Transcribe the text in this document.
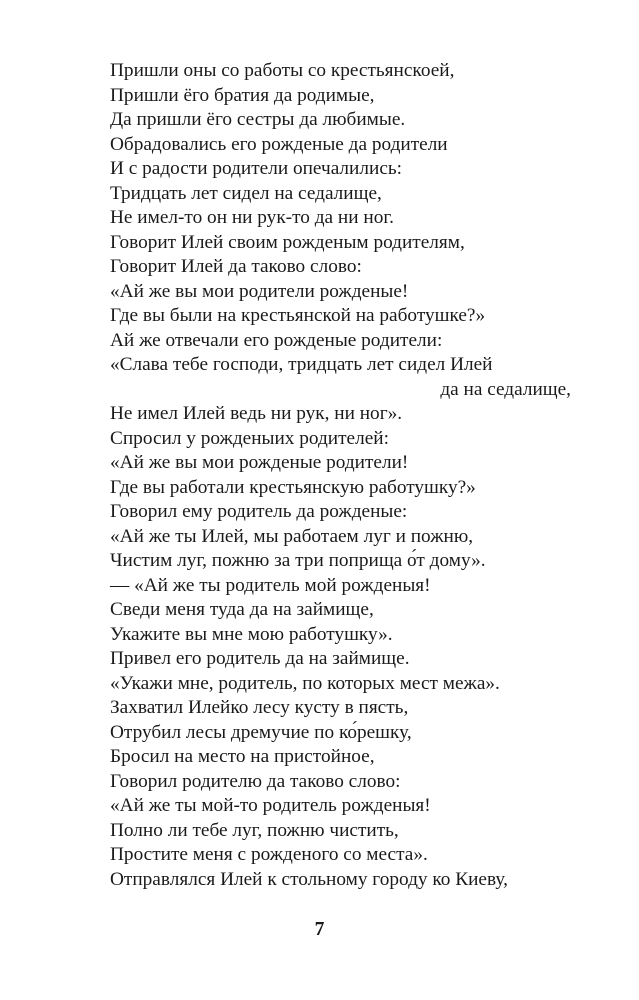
Пришли оны со работы со крестьянскоей,
Пришли ёго братия да родимые,
Да пришли ёго сестры да любимые.
Обрадовались его рожденые да родители
И с радости родители опечалились:
Тридцать лет сидел на седалище,
Не имел-то он ни рук-то да ни ног.
Говорит Илей своим рожденым родителям,
Говорит Илей да таково слово:
«Ай же вы мои родители рожденые!
Где вы были на крестьянской на работушке?»
Ай же отвечали его рожденые родители:
«Слава тебе господи, тридцать лет сидел Илей
да на седалище,
Не имел Илей ведь ни рук, ни ног».
Спросил у рожденыих родителей:
«Ай же вы мои рожденые родители!
Где вы работали крестьянскую работушку?»
Говорил ему родитель да рожденые:
«Ай же ты Илей, мы работаем луг и пожню,
Чистим луг, пожню за три поприща о́т дому».
— «Ай же ты родитель мой рожденыя!
Сведи меня туда да на займище,
Укажите вы мне мою работушку».
Привел его родитель да на займище.
«Укажи мне, родитель, по которых мест межа».
Захватил Илейко лесу кусту в пясть,
Отрубил лесы дремучие по ко́решку,
Бросил на место на пристойное,
Говорил родителю да таково слово:
«Ай же ты мой-то родитель рожденыя!
Полно ли тебе луг, пожню чистить,
Простите меня с рожденого со места».
Отправлялся Илей к стольному городу ко Киеву,
7
